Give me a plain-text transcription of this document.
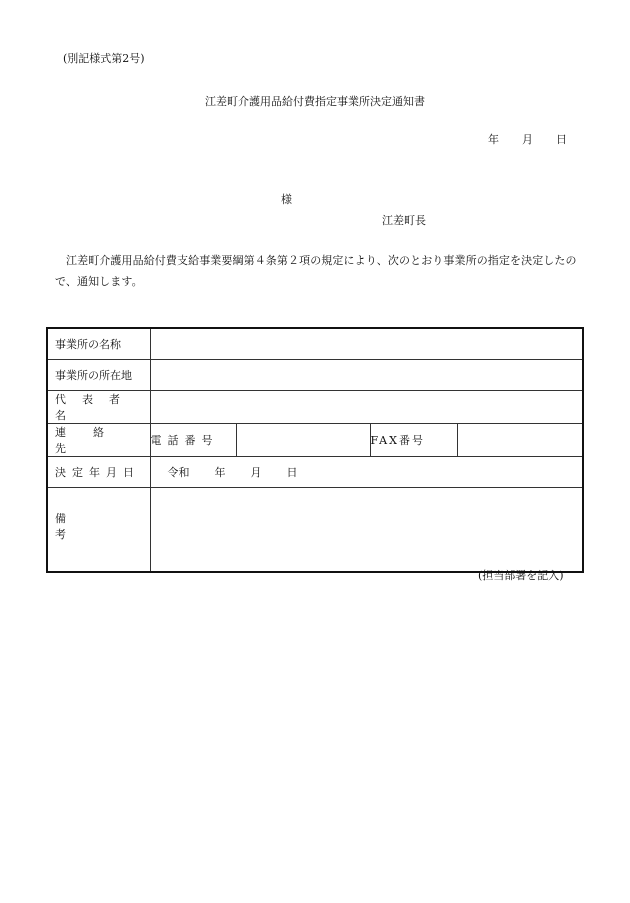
(別記様式第2号)
江差町介護用品給付費指定事業所決定通知書
年 月 日
様
江差町長
江差町介護用品給付費支給事業要綱第４条第２項の規定により、次のとおり事業所の指定を決定したので、通知します。
事業所の名称				

事業所の所在地				

代表者名				

連絡先	電話番号		FAX番号	

決定年月日	令和 年 月 日			

備考				

(担当部署を記入)
